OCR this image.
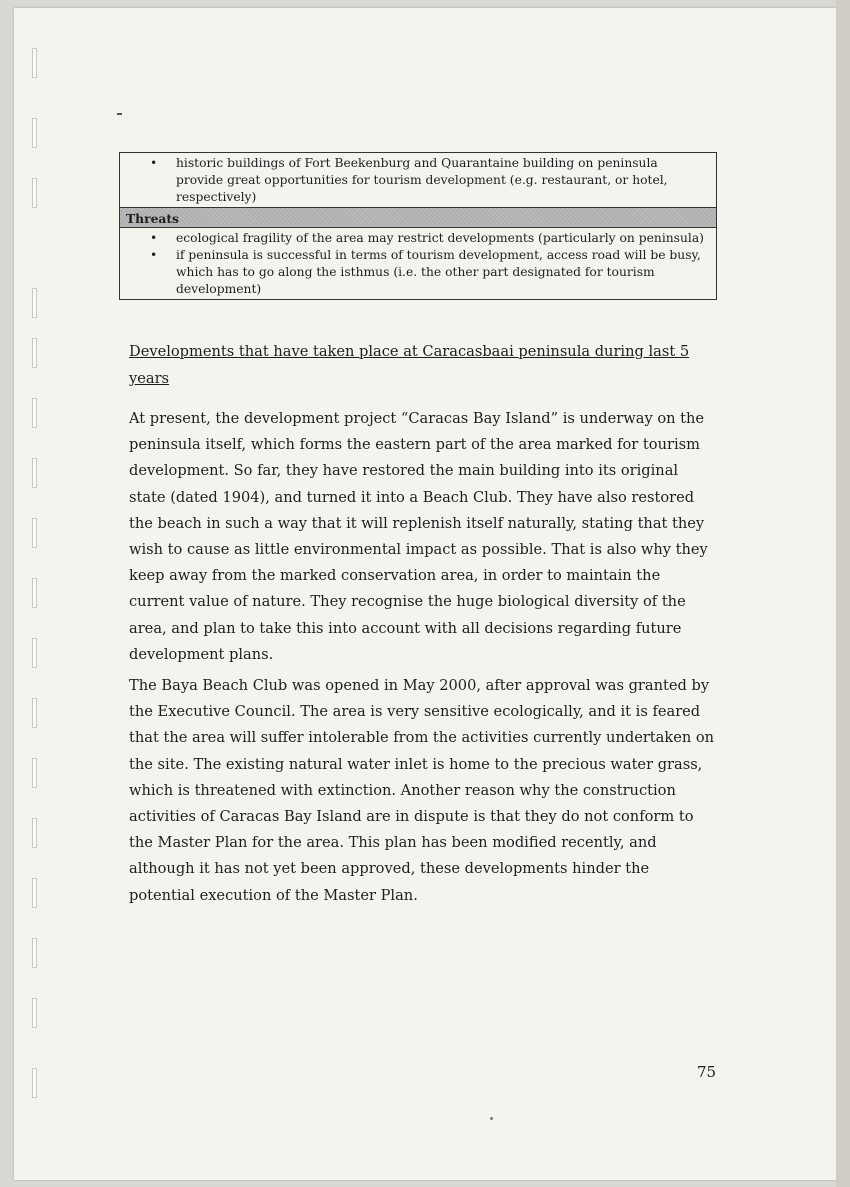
• historic buildings of Fort Beekenburg and Quarantaine building on peninsula provide great opportunities for tourism development (e.g. restaurant, or hotel, respectively)
Threats
• ecological fragility of the area may restrict developments (particularly on peninsula)
• if peninsula is successful in terms of tourism development, access road will be busy, which has to go along the isthmus (i.e. the other part designated for tourism development)
Developments that have taken place at Caracasbaai peninsula during last 5 years

At present, the development project “Caracas Bay Island” is underway on the peninsula itself, which forms the eastern part of the area marked for tourism development. So far, they have restored the main building into its original state (dated 1904), and turned it into a Beach Club. They have also restored the beach in such a way that it will replenish itself naturally, stating that they wish to cause as little environmental impact as possible. That is also why they keep away from the marked conservation area, in order to maintain the current value of nature. They recognise the huge biological diversity of the area, and plan to take this into account with all decisions regarding future development plans.

The Baya Beach Club was opened in May 2000, after approval was granted by the Executive Council. The area is very sensitive ecologically, and it is feared that the area will suffer intolerable from the activities currently undertaken on the site. The existing natural water inlet is home to the precious water grass, which is threatened with extinction. Another reason why the construction activities of Caracas Bay Island are in dispute is that they do not conform to the Master Plan for the area. This plan has been modified recently, and although it has not yet been approved, these developments hinder the potential execution of the Master Plan.

75
